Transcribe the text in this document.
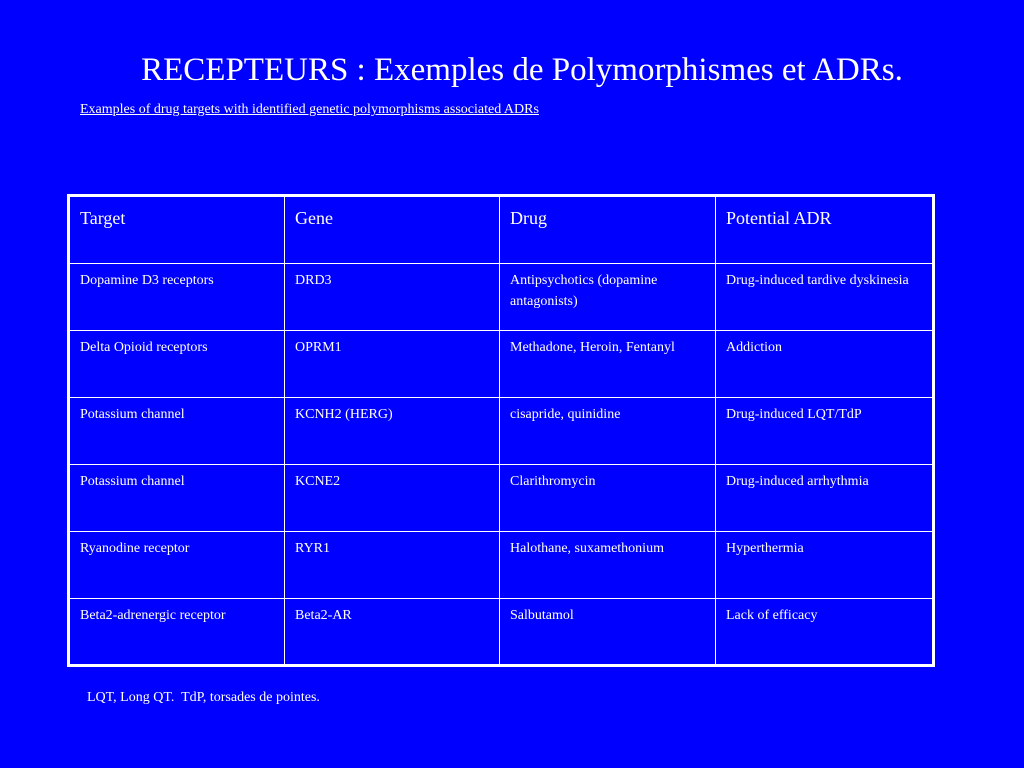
RECEPTEURS : Exemples de Polymorphismes et ADRs.
Examples of drug targets with identified genetic polymorphisms associated ADRs
Target	Gene	Drug	Potential ADR
Dopamine D3 receptors	DRD3	Antipsychotics (dopamine antagonists)	Drug-induced tardive dyskinesia
Delta Opioid receptors	OPRM1	Methadone, Heroin, Fentanyl	Addiction
Potassium channel	KCNH2 (HERG)	cisapride, quinidine	Drug-induced LQT/TdP
Potassium channel	KCNE2	Clarithromycin	Drug-induced arrhythmia
Ryanodine receptor	RYR1	Halothane, suxamethonium	Hyperthermia
Beta2-adrenergic receptor	Beta2-AR	Salbutamol	Lack of efficacy
LQT, Long QT.  TdP, torsades de pointes.
